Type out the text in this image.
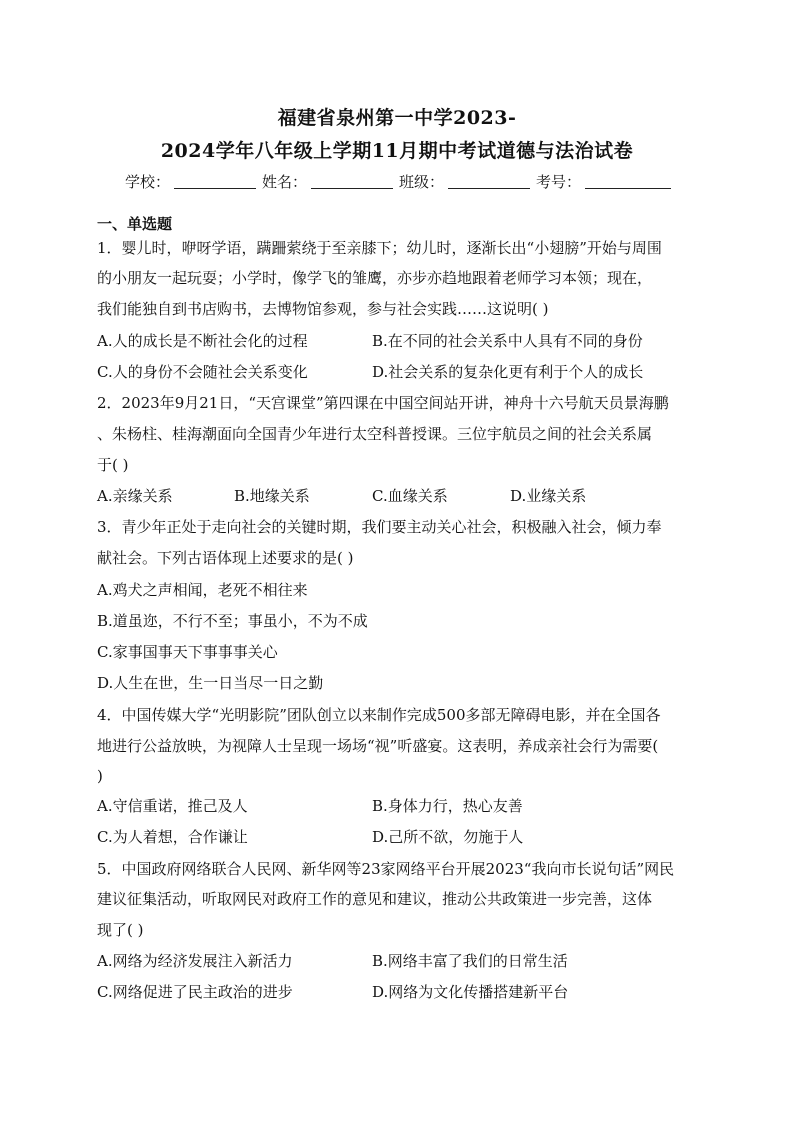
福建省泉州第一中学2023-
2024学年八年级上学期11月期中考试道德与法治试卷
学校：	姓名：	班级：	考号：
一、单选题
1．婴儿时，咿呀学语，蹒跚萦绕于至亲膝下；幼儿时，逐渐长出“小翅膀”开始与周围
的小朋友一起玩耍；小学时，像学飞的雏鹰，亦步亦趋地跟着老师学习本领；现在，
我们能独自到书店购书，去博物馆参观，参与社会实践……这说明( )
A.人的成长是不断社会化的过程	B.在不同的社会关系中人具有不同的身份
C.人的身份不会随社会关系变化	D.社会关系的复杂化更有利于个人的成长
2．2023年9月21日，“天宫课堂”第四课在中国空间站开讲，神舟十六号航天员景海鹏
、朱杨柱、桂海潮面向全国青少年进行太空科普授课。三位宇航员之间的社会关系属
于( )
A.亲缘关系	B.地缘关系	C.血缘关系	D.业缘关系
3．青少年正处于走向社会的关键时期，我们要主动关心社会，积极融入社会，倾力奉
献社会。下列古语体现上述要求的是( )
A.鸡犬之声相闻，老死不相往来
B.道虽迩，不行不至；事虽小，不为不成
C.家事国事天下事事事关心
D.人生在世，生一日当尽一日之勤
4．中国传媒大学“光明影院”团队创立以来制作完成500多部无障碍电影，并在全国各
地进行公益放映，为视障人士呈现一场场“视”听盛宴。这表明，养成亲社会行为需要(
)
A.守信重诺，推己及人	B.身体力行，热心友善
C.为人着想，合作谦让	D.己所不欲，勿施于人
5．中国政府网络联合人民网、新华网等23家网络平台开展2023“我向市长说句话”网民
建议征集活动，听取网民对政府工作的意见和建议，推动公共政策进一步完善，这体
现了( )
A.网络为经济发展注入新活力	B.网络丰富了我们的日常生活
C.网络促进了民主政治的进步	D.网络为文化传播搭建新平台
